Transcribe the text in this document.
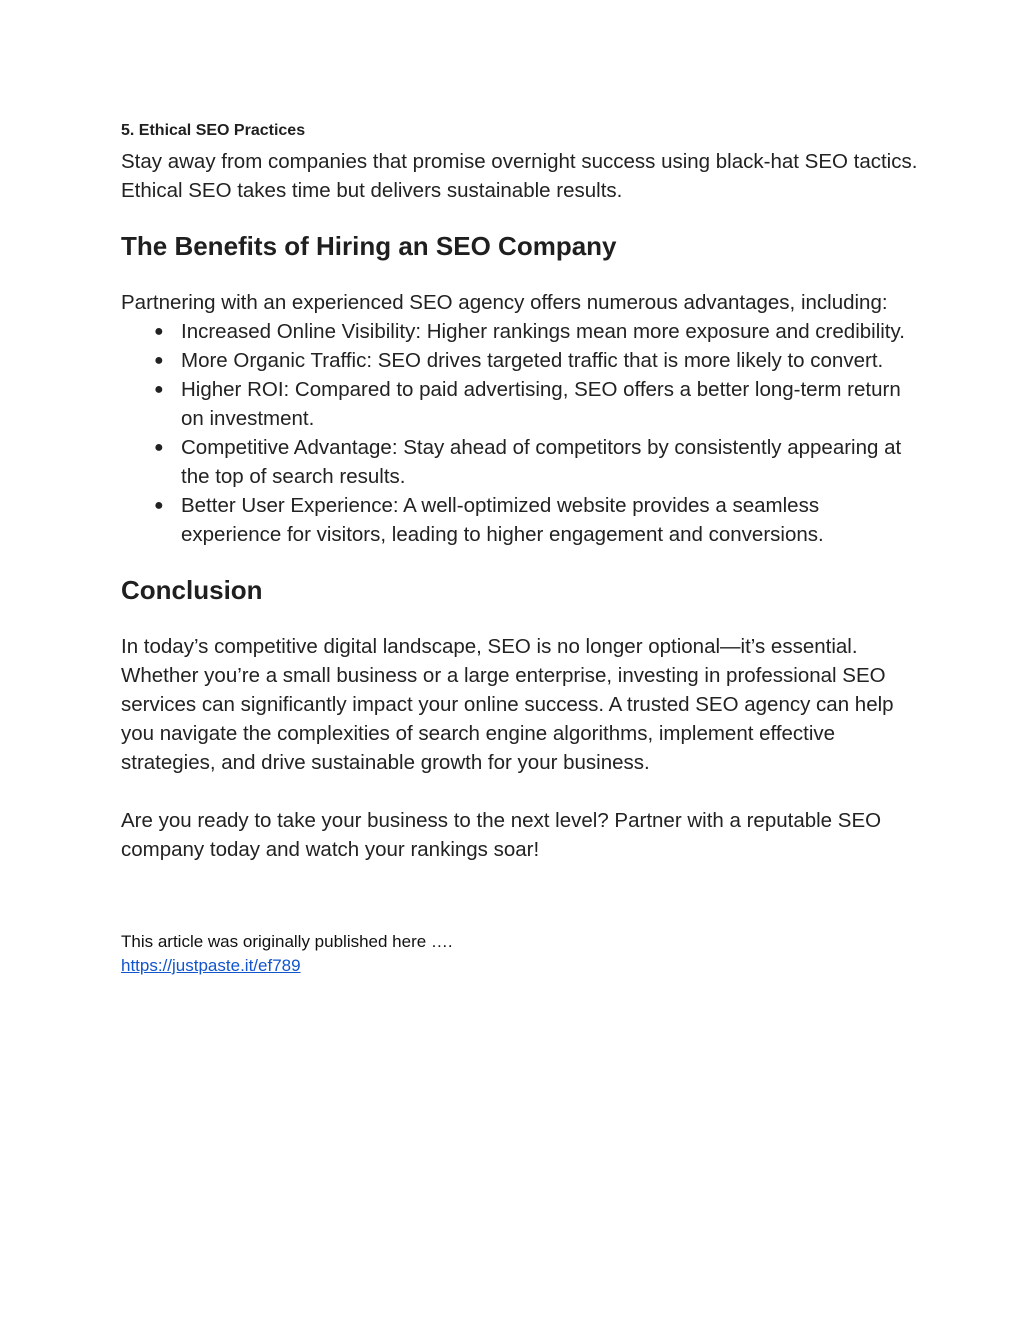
5. Ethical SEO Practices

Stay away from companies that promise overnight success using black-hat SEO tactics. Ethical SEO takes time but delivers sustainable results.

The Benefits of Hiring an SEO Company

Partnering with an experienced SEO agency offers numerous advantages, including:

● Increased Online Visibility: Higher rankings mean more exposure and credibility.
● More Organic Traffic: SEO drives targeted traffic that is more likely to convert.
● Higher ROI: Compared to paid advertising, SEO offers a better long-term return on investment.
● Competitive Advantage: Stay ahead of competitors by consistently appearing at the top of search results.
● Better User Experience: A well-optimized website provides a seamless experience for visitors, leading to higher engagement and conversions.
Conclusion

In today’s competitive digital landscape, SEO is no longer optional—it’s essential. Whether you’re a small business or a large enterprise, investing in professional SEO services can significantly impact your online success. A trusted SEO agency can help you navigate the complexities of search engine algorithms, implement effective strategies, and drive sustainable growth for your business.

Are you ready to take your business to the next level? Partner with a reputable SEO company today and watch your rankings soar!

This article was originally published here ….

https://justpaste.it/ef789
